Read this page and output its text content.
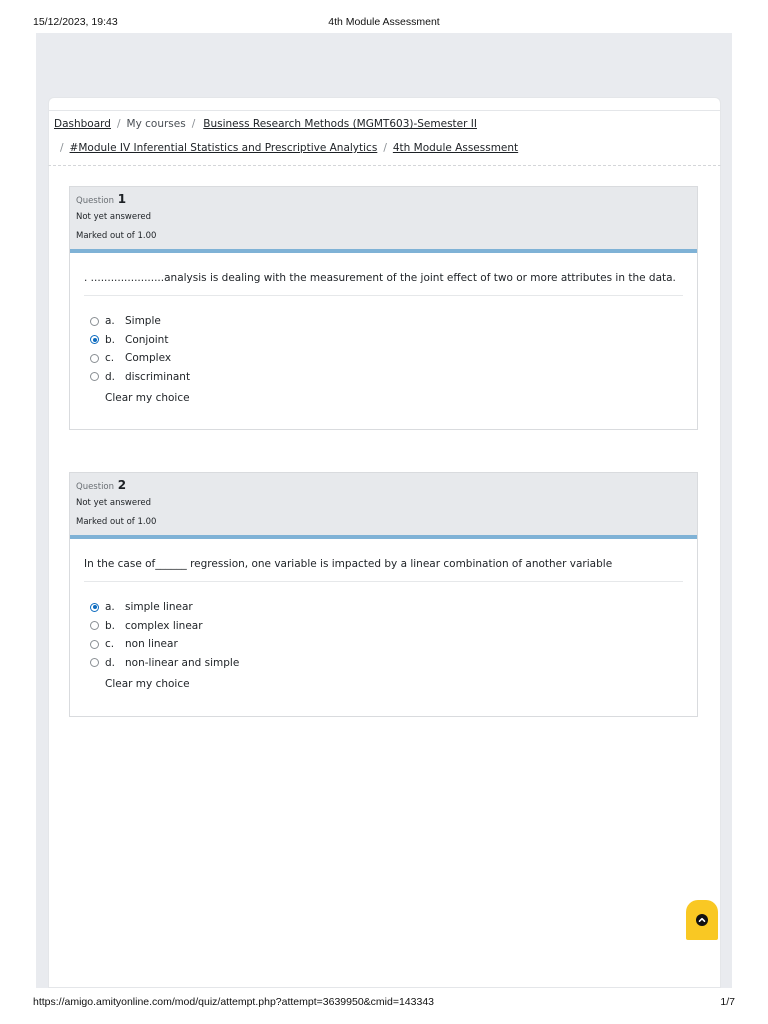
15/12/2023, 19:43	4th Module Assessment
Dashboard / My courses / Business Research Methods (MGMT603)-Semester II
/ #Module IV Inferential Statistics and Prescriptive Analytics / 4th Module Assessment
Question 1
Not yet answered
Marked out of 1.00
. ......................analysis is dealing with the measurement of the joint effect of two or more attributes in the data.
a. Simple
b. Conjoint
c.	Complex
d. discriminant
Clear my choice
Question 2
Not yet answered
Marked out of 1.00
In the case of______ regression, one variable is impacted by a linear combination of another variable
a. simple linear
b. complex linear
c.	non linear
d. non-linear and simple
Clear my choice
https://amigo.amityonline.com/mod/quiz/attempt.php?attempt=3639950&cmid=143343	1/7
